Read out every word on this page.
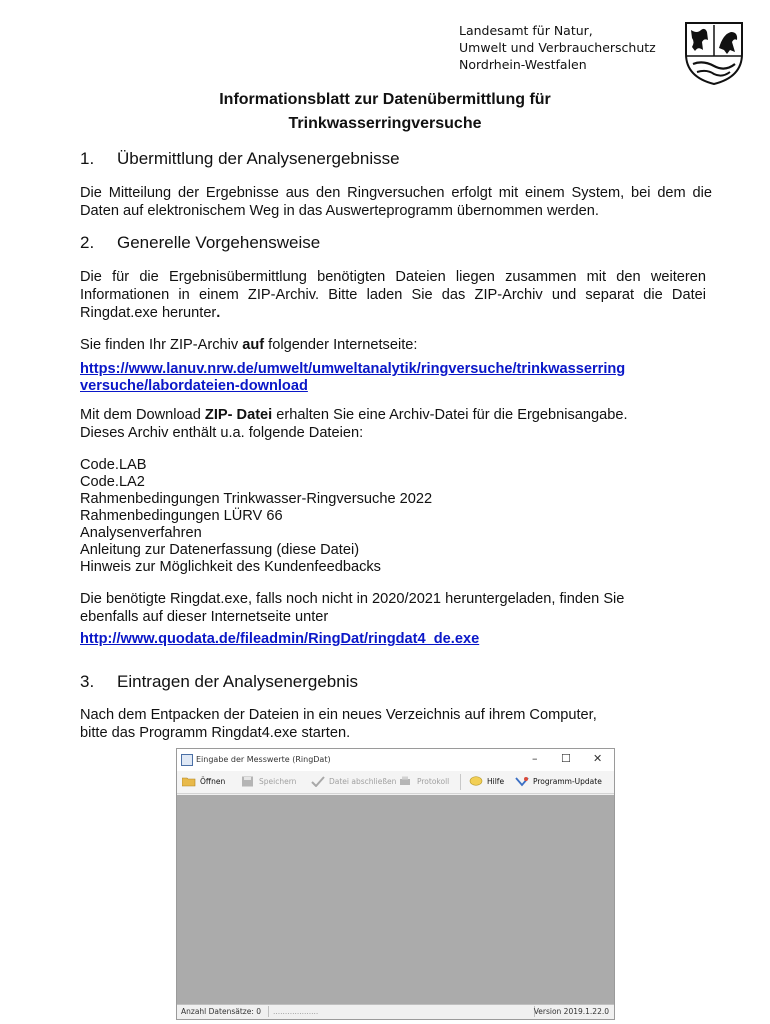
Landesamt für Natur,
Umwelt und Verbraucherschutz
Nordrhein-Westfalen
Informationsblatt zur Datenübermittlung für
Trinkwasserringversuche
1. Übermittlung der Analysenergebnisse
Die Mitteilung der Ergebnisse aus den Ringversuchen erfolgt mit einem System, bei dem die Daten auf elektronischem Weg in das Auswerteprogramm übernommen werden.
2. Generelle Vorgehensweise
Die für die Ergebnisübermittlung benötigten Dateien liegen zusammen mit den weiteren Informationen in einem ZIP-Archiv. Bitte laden Sie das ZIP-Archiv und separat die Datei Ringdat.exe herunter.
Sie finden Ihr ZIP-Archiv auf folgender Internetseite:
https://www.lanuv.nrw.de/umwelt/umweltanalytik/ringversuche/trinkwasserring
versuche/labordateien-download
Mit dem Download ZIP- Datei erhalten Sie eine Archiv-Datei für die Ergebnisangabe.
Dieses Archiv enthält u.a. folgende Dateien:
Code.LAB
Code.LA2
Rahmenbedingungen Trinkwasser-Ringversuche 2022
Rahmenbedingungen LÜRV 66
Analysenverfahren
Anleitung zur Datenerfassung (diese Datei)
Hinweis zur Möglichkeit des Kundenfeedbacks
Die benötigte Ringdat.exe, falls noch nicht in 2020/2021 heruntergeladen, finden Sie
ebenfalls auf dieser Internetseite unter
http://www.quodata.de/fileadmin/RingDat/ringdat4_de.exe
3. Eintragen der Analysenergebnis
Nach dem Entpacken der Dateien in ein neues Verzeichnis auf ihrem Computer,
bitte das Programm Ringdat4.exe starten.
Eingabe der Messwerte (RingDat)	– ☐ ✕
Öffnen	Speichern	Datei abschließen	Protokoll	Hilfe	Programm-Update
Anzahl Datensätze: 0 ...................	Version 2019.1.22.0
